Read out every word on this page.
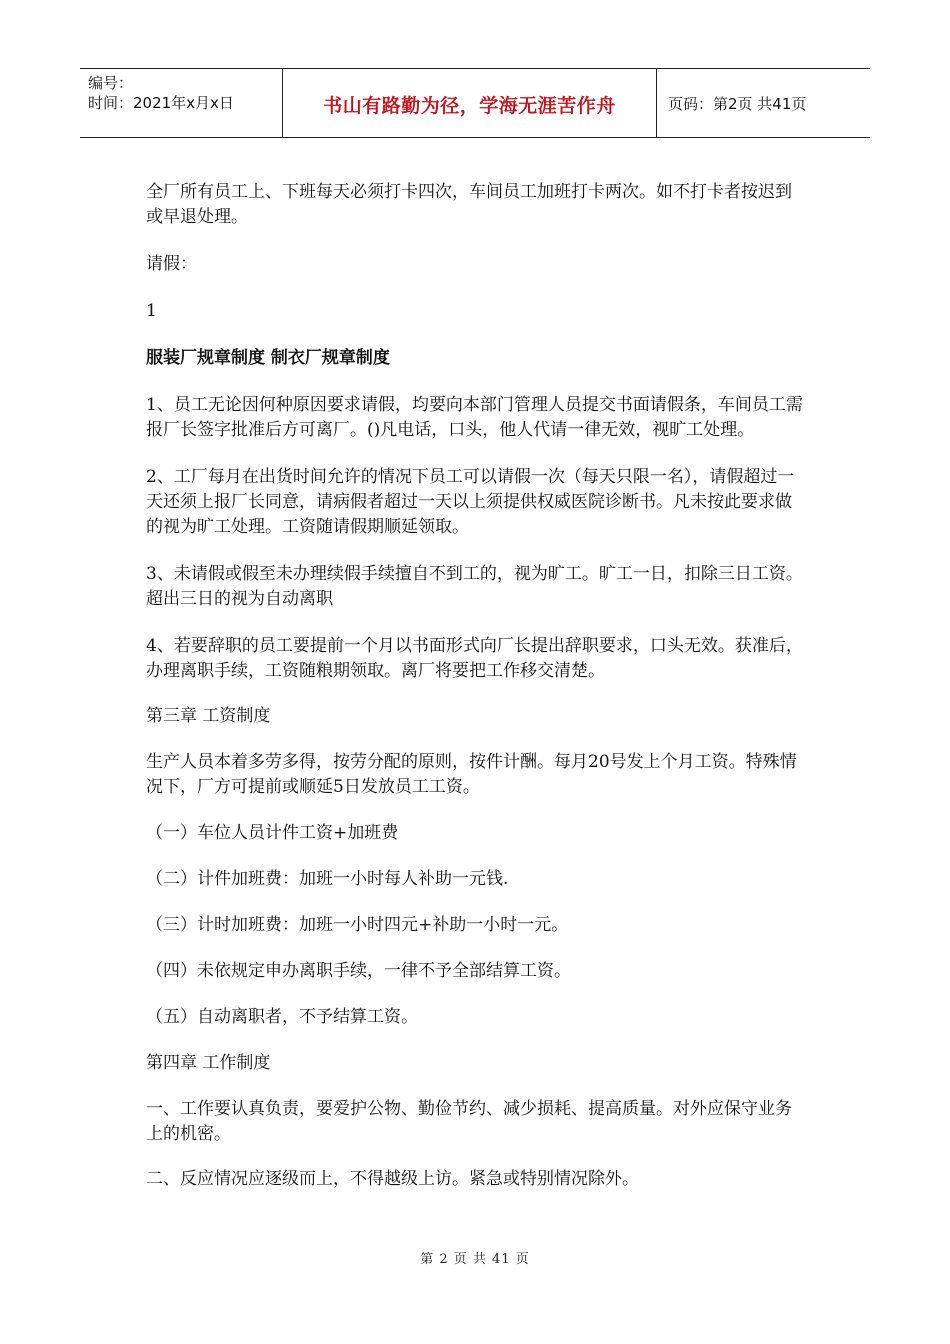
编号：
时间：2021年x月x日	书山有路勤为径，学海无涯苦作舟	页码：第2页 共41页

全厂所有员工上、下班每天必须打卡四次，车间员工加班打卡两次。如不打卡者按迟到或早退处理。

请假：

1

服装厂规章制度 制衣厂规章制度

1、员工无论因何种原因要求请假，均要向本部门管理人员提交书面请假条，车间员工需报厂长签字批准后方可离厂。()凡电话，口头，他人代请一律无效，视旷工处理。

2、工厂每月在出货时间允许的情况下员工可以请假一次（每天只限一名），请假超过一天还须上报厂长同意，请病假者超过一天以上须提供权威医院诊断书。凡未按此要求做的视为旷工处理。工资随请假期顺延领取。

3、未请假或假至未办理续假手续擅自不到工的，视为旷工。旷工一日，扣除三日工资。超出三日的视为自动离职

4、若要辞职的员工要提前一个月以书面形式向厂长提出辞职要求，口头无效。获准后，办理离职手续，工资随粮期领取。离厂将要把工作移交清楚。

第三章 工资制度

生产人员本着多劳多得，按劳分配的原则，按件计酬。每月20号发上个月工资。特殊情况下，厂方可提前或顺延5日发放员工工资。

（一）车位人员计件工资+加班费

（二）计件加班费：加班一小时每人补助一元钱.

（三）计时加班费：加班一小时四元+补助一小时一元。

（四）未依规定申办离职手续，一律不予全部结算工资。

（五）自动离职者，不予结算工资。

第四章 工作制度

一、工作要认真负责，要爱护公物、勤俭节约、减少损耗、提高质量。对外应保守业务上的机密。

二、反应情况应逐级而上，不得越级上访。紧急或特别情况除外。

第 2 页 共 41 页
